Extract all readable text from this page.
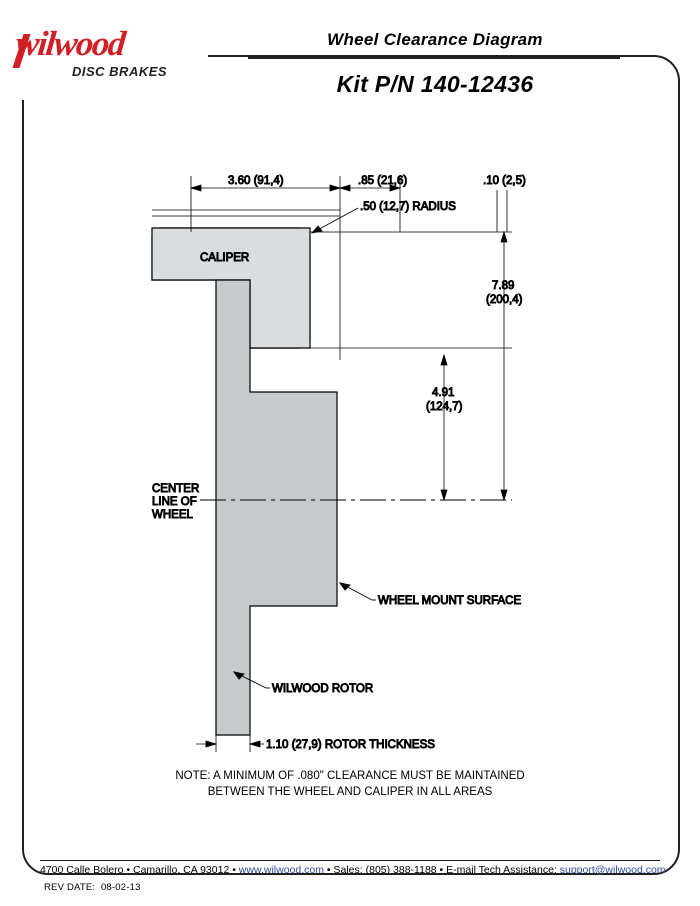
Wheel Clearance Diagram
Kit P/N 140-12436
wilwood
DISC BRAKES
CALIPER
3.60 (91,4)	.85 (21,6)	.10 (2,5)
.50 (12,7) RADIUS
7.89
(200,4)
4.91
(124,7)
CENTER
LINE OF
WHEEL
WHEEL MOUNT SURFACE
WILWOOD ROTOR
1.10 (27,9) ROTOR THICKNESS
NOTE: A MINIMUM OF .080" CLEARANCE MUST BE MAINTAINED
BETWEEN THE WHEEL AND CALIPER IN ALL AREAS
4700 Calle Bolero • Camarillo, CA 93012 • www.wilwood.com • Sales: (805) 388-1188 • E-mail Tech Assistance: support@wilwood.com
REV DATE: 08-02-13
